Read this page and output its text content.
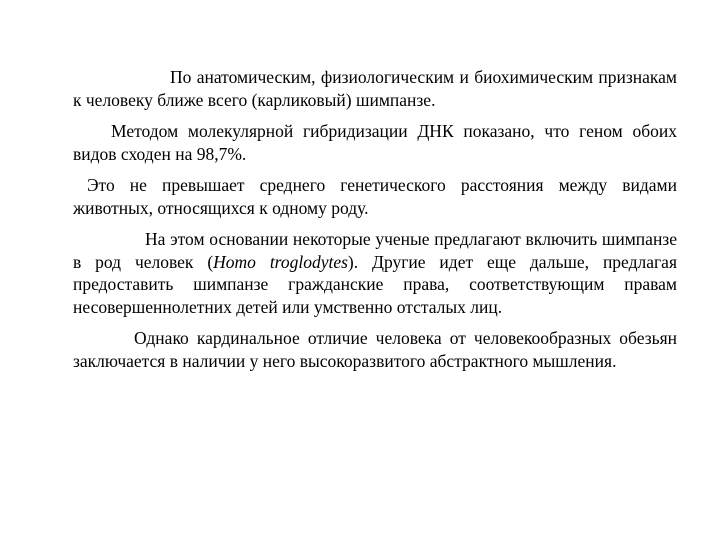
По анатомическим, физиологическим и биохимическим признакам к человеку ближе всего (карликовый) шимпанзе.

Методом молекулярной гибридизации ДНК показано, что геном обоих видов сходен на 98,7%.

Это не превышает среднего генетического расстояния между видами животных, относящихся к одному роду.

На этом основании некоторые ученые предлагают включить шимпанзе в род человек (Homo troglodytes). Другие идет еще дальше, предлагая предоставить шимпанзе гражданские права, соответствующим правам несовершеннолетних детей или умственно отсталых лиц.

Однако кардинальное отличие человека от человекообразных обезьян заключается в наличии у него высокоразвитого абстрактного мышления.
